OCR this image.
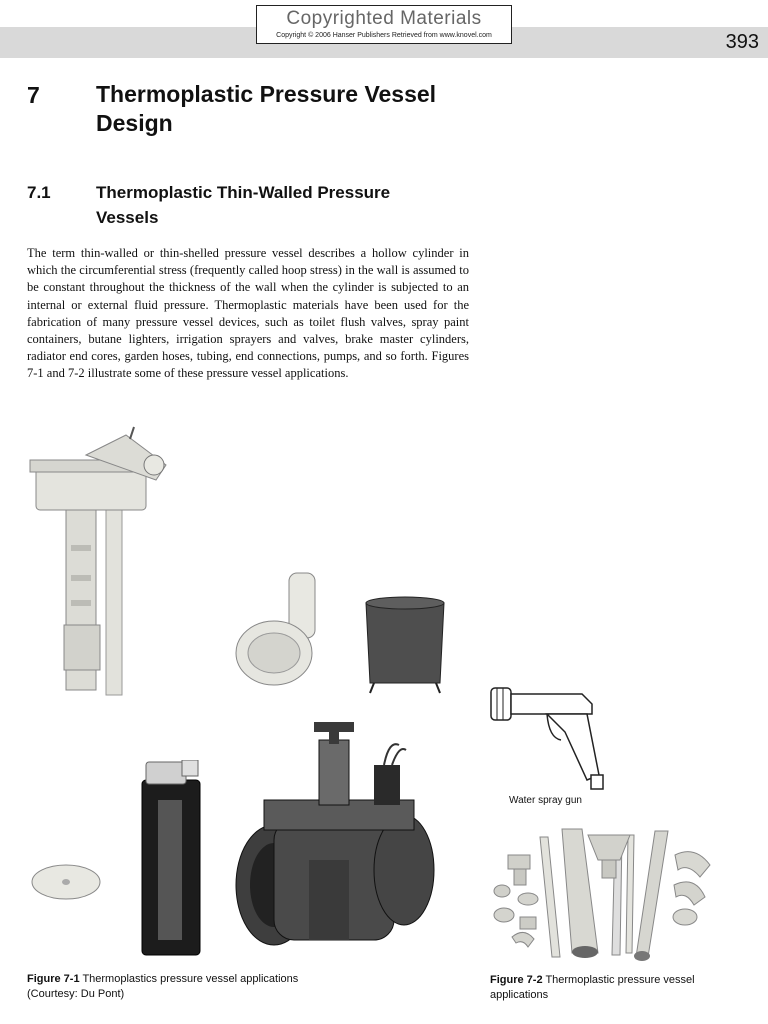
Copyrighted Materials
Copyright © 2006 Hanser Publishers Retrieved from www.knovel.com	393
7 Thermoplastic Pressure Vessel Design
7.1	Thermoplastic Thin-Walled Pressure Vessels
The term thin-walled or thin-shelled pressure vessel describes a hollow cylinder in which the circumferential stress (frequently called hoop stress) in the wall is assumed to be constant throughout the thickness of the wall when the cylinder is subjected to an internal or external fluid pressure. Thermoplastic materials have been used for the fabrication of many pressure vessel devices, such as toilet flush valves, spray paint containers, butane lighters, irrigation sprayers and valves, brake master cylinders, radiator end cores, garden hoses, tubing, end connections, pumps, and so forth. Figures 7-1 and 7-2 illustrate some of these pressure vessel applications.
Water spray gun
Figure 7-1 Thermoplastics pressure vessel applications
(Courtesy: Du Pont)
Figure 7-2 Thermoplastic pressure vessel applications
